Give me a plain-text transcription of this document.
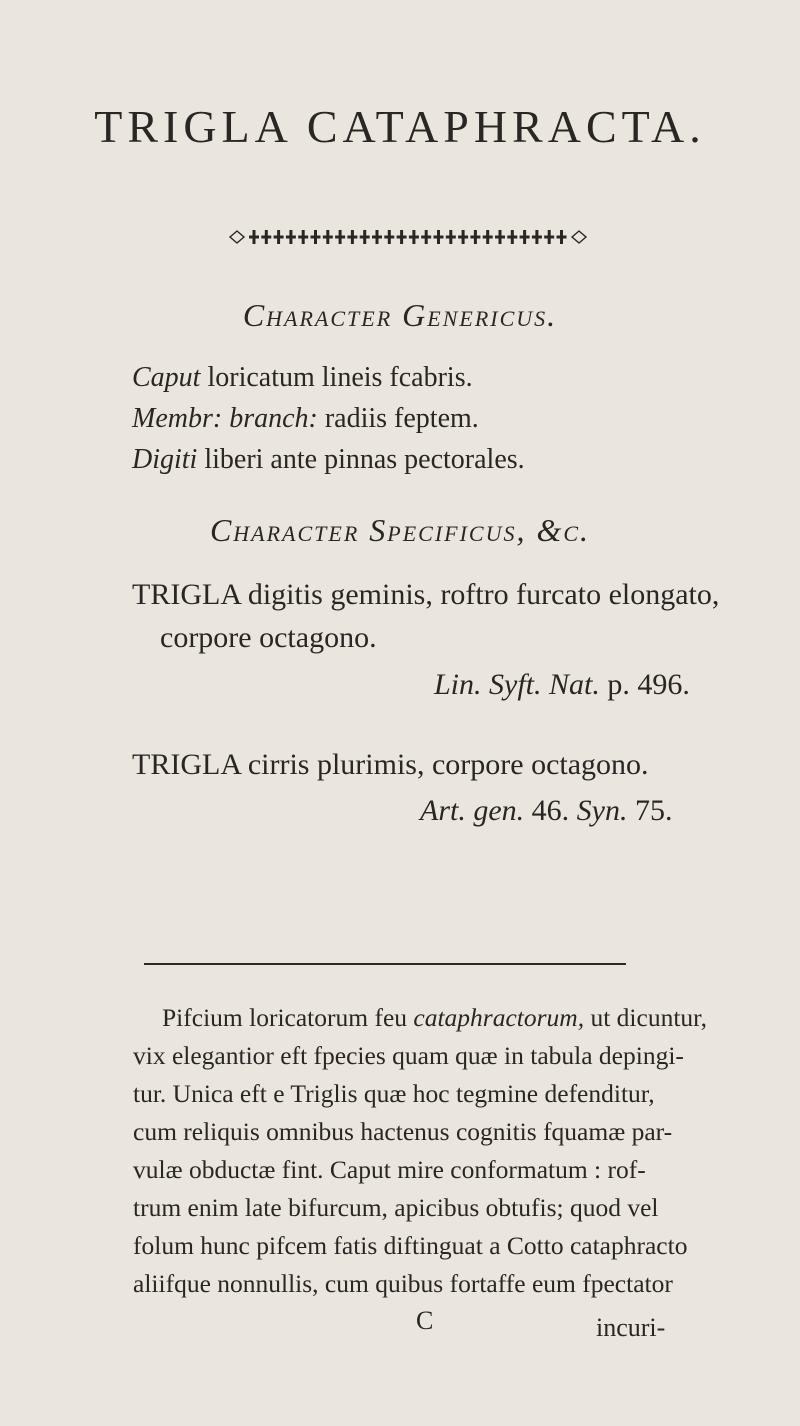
TRIGLA CATAPHRACTA.
Character Genericus.

Caput loricatum lineis fcabris.

Membr: branch: radiis feptem.

Digiti liberi ante pinnas pectorales.

Character Specificus, &c.

TRIGLA digitis geminis, roftro furcato elongato,

corpore octagono.

Lin. Syft. Nat. p. 496.

TRIGLA cirris plurimis, corpore octagono.

Art. gen. 46. Syn. 75.

Pifcium loricatorum feu cataphractorum, ut dicuntur,

vix elegantior eft fpecies quam quæ in tabula depingi-

tur. Unica eft e Triglis quæ hoc tegmine defenditur,

cum reliquis omnibus hactenus cognitis fquamæ par-

vulæ obductæ fint. Caput mire conformatum : rof-

trum enim late bifurcum, apicibus obtufis; quod vel

folum hunc pifcem fatis diftinguat a Cotto cataphracto

aliifque nonnullis, cum quibus fortaffe eum fpectator

C	incuri-
